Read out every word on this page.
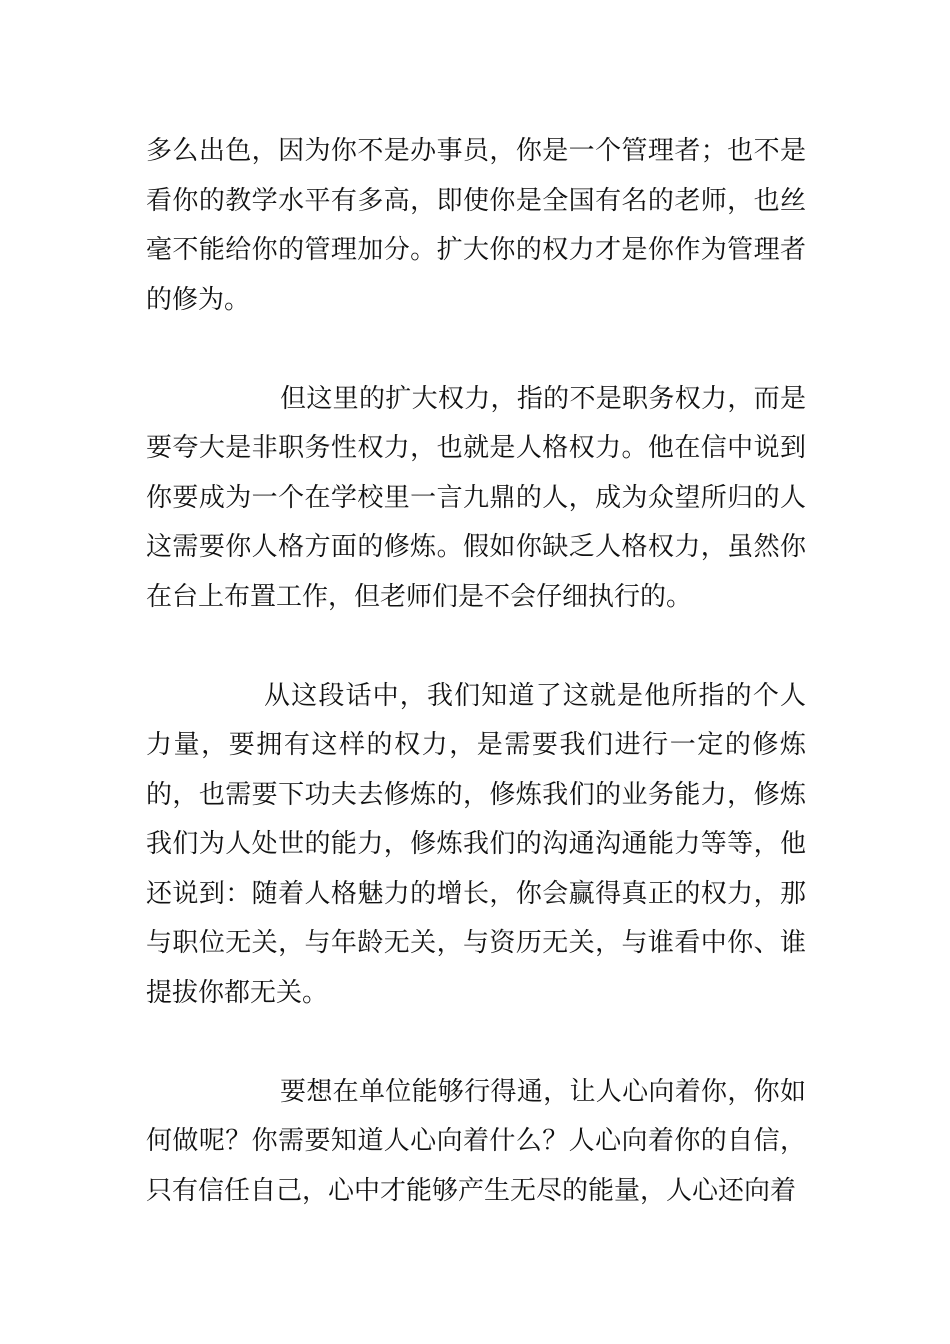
多么出色，因为你不是办事员，你是一个管理者；也不是看你的教学水平有多高，即使你是全国有名的老师，也丝毫不能给你的管理加分。扩大你的权力才是你作为管理者的修为。

但这里的扩大权力，指的不是职务权力，而是要夸大是非职务性权力，也就是人格权力。他在信中说到你要成为一个在学校里一言九鼎的人，成为众望所归的人这需要你人格方面的修炼。假如你缺乏人格权力，虽然你在台上布置工作，但老师们是不会仔细执行的。

从这段话中，我们知道了这就是他所指的个人力量，要拥有这样的权力，是需要我们进行一定的修炼的，也需要下功夫去修炼的，修炼我们的业务能力，修炼我们为人处世的能力，修炼我们的沟通沟通能力等等，他还说到：随着人格魅力的增长，你会赢得真正的权力，那与职位无关，与年龄无关，与资历无关，与谁看中你、谁提拔你都无关。

要想在单位能够行得通，让人心向着你，你如何做呢？你需要知道人心向着什么？人心向着你的自信，只有信任自己，心中才能够产生无尽的能量，人心还向着
